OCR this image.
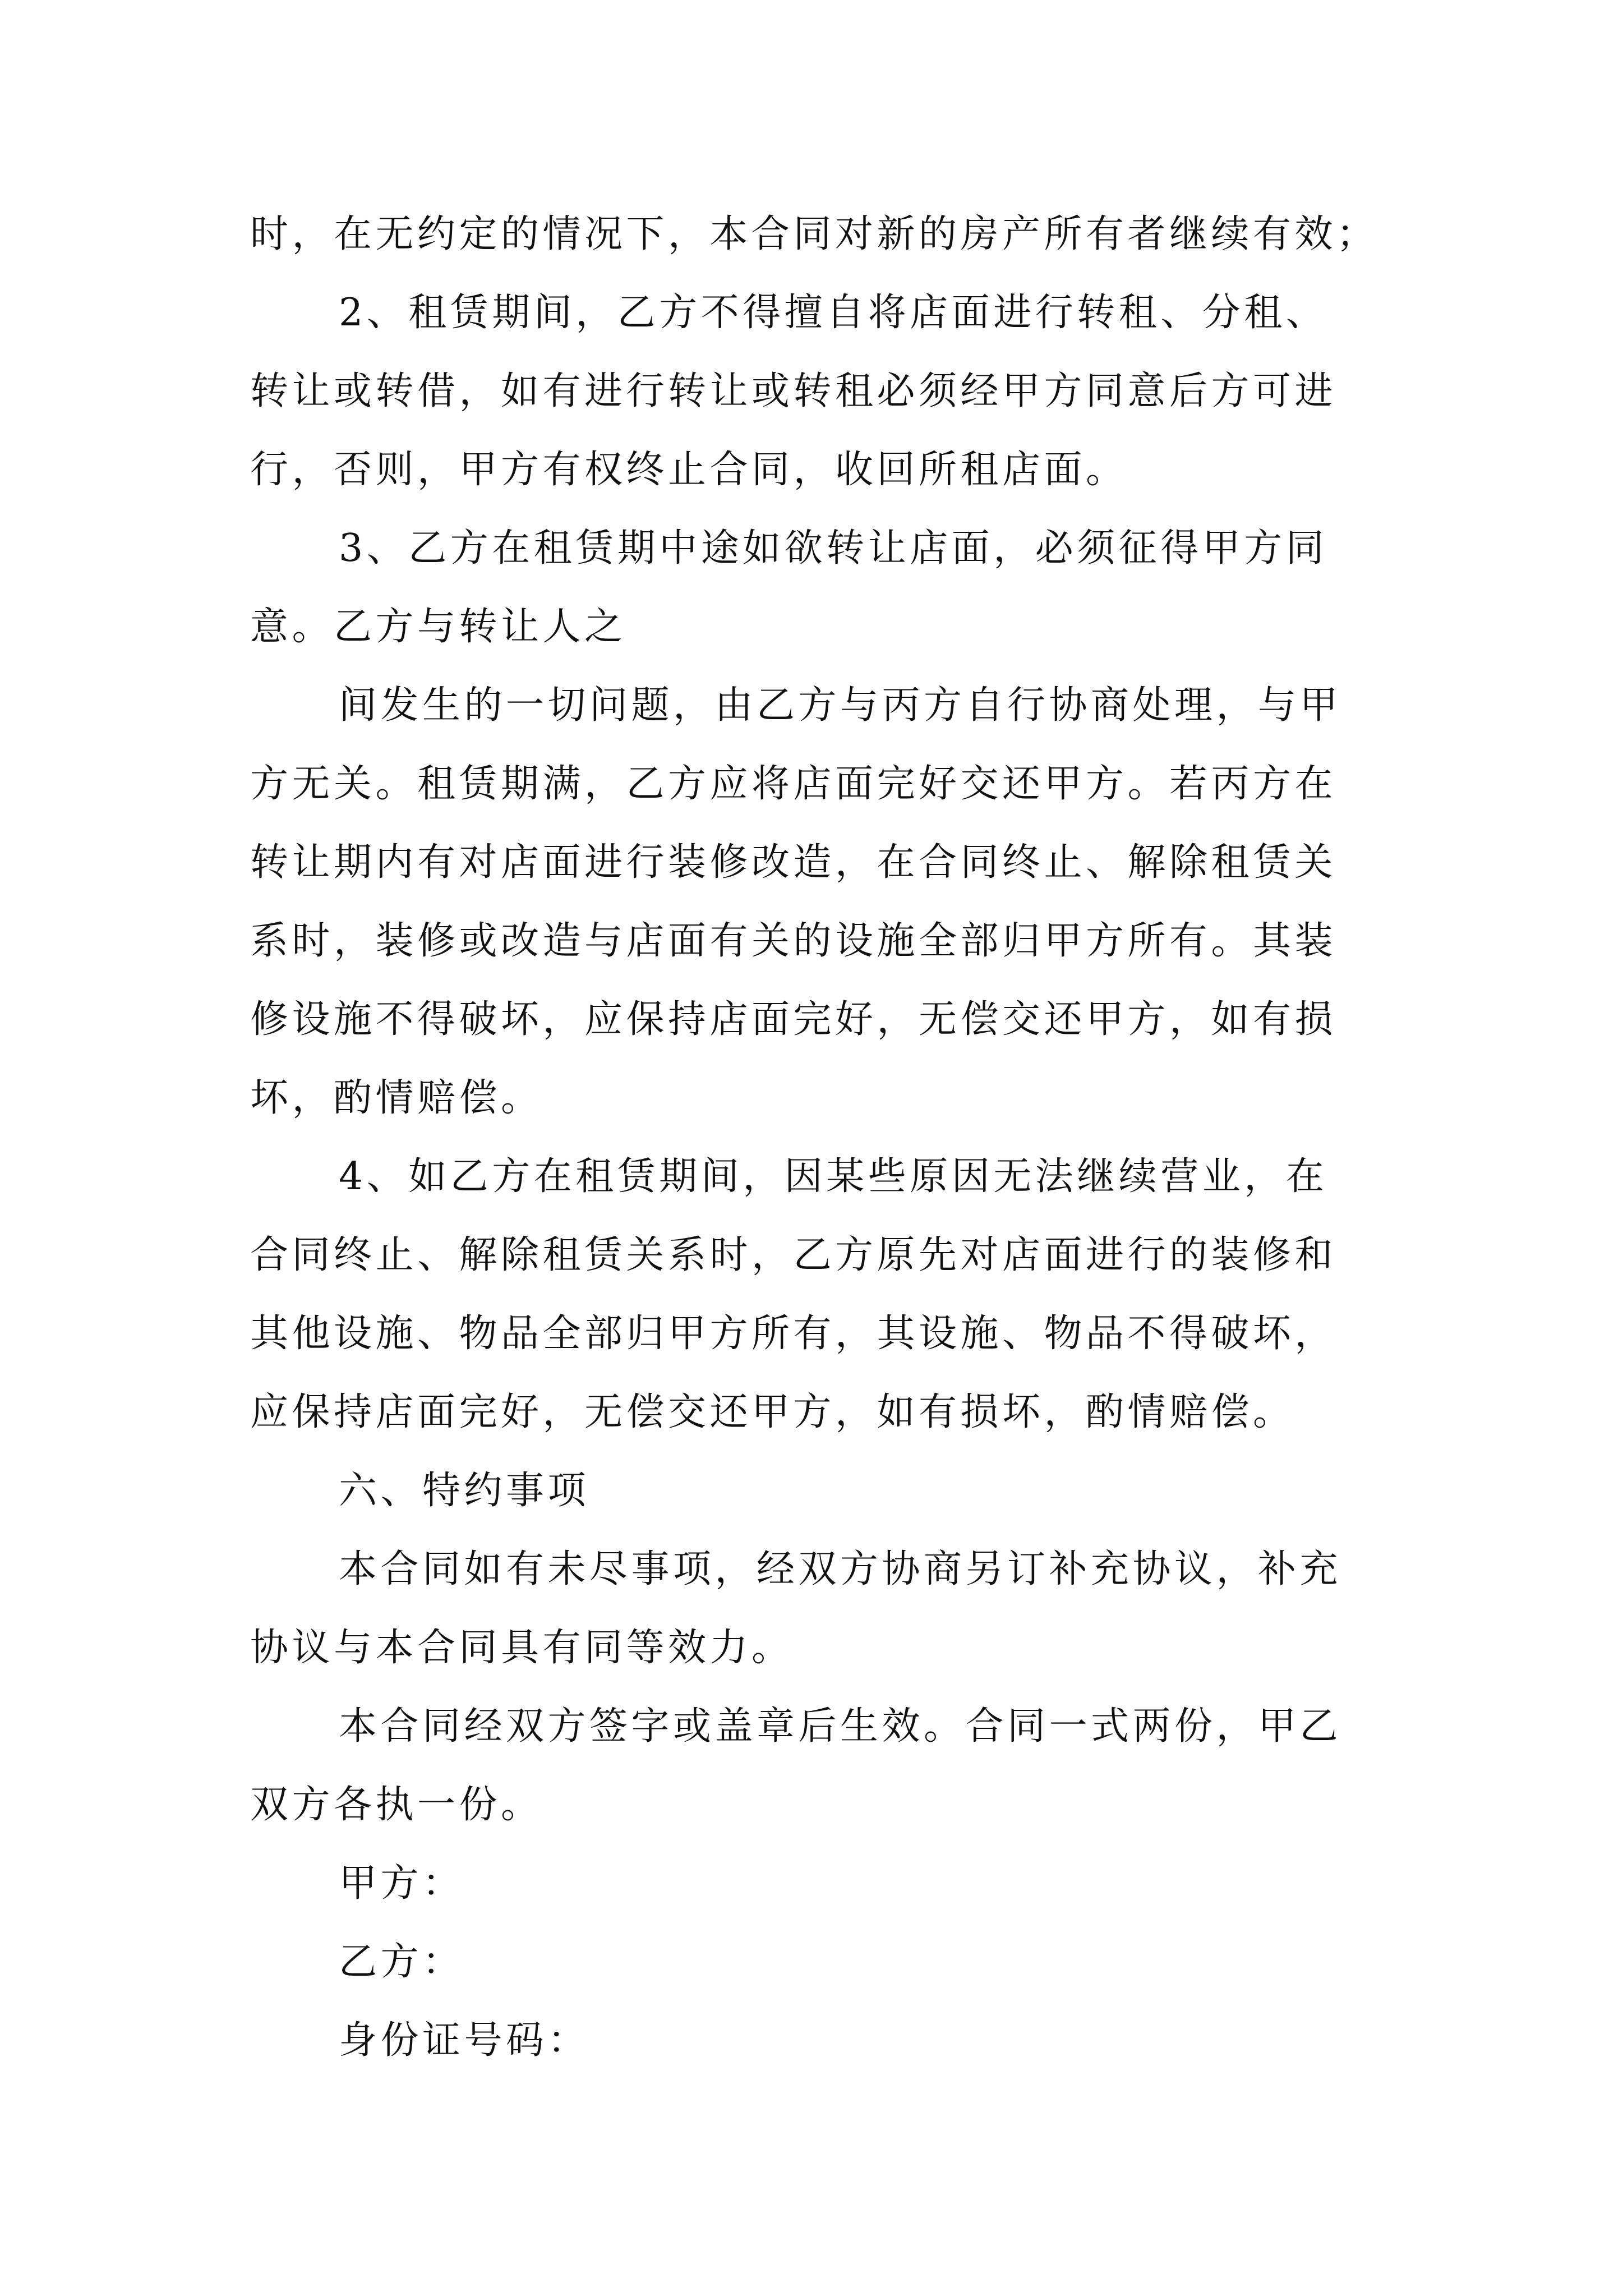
时，在无约定的情况下，本合同对新的房产所有者继续有效；
2、租赁期间，乙方不得擅自将店面进行转租、分租、
转让或转借，如有进行转让或转租必须经甲方同意后方可进
行，否则，甲方有权终止合同，收回所租店面。
3、乙方在租赁期中途如欲转让店面，必须征得甲方同
意。乙方与转让人之
间发生的一切问题，由乙方与丙方自行协商处理，与甲
方无关。租赁期满，乙方应将店面完好交还甲方。若丙方在
转让期内有对店面进行装修改造，在合同终止、解除租赁关
系时，装修或改造与店面有关的设施全部归甲方所有。其装
修设施不得破坏，应保持店面完好，无偿交还甲方，如有损
坏，酌情赔偿。
4、如乙方在租赁期间，因某些原因无法继续营业，在
合同终止、解除租赁关系时，乙方原先对店面进行的装修和
其他设施、物品全部归甲方所有，其设施、物品不得破坏，
应保持店面完好，无偿交还甲方，如有损坏，酌情赔偿。
六、特约事项
本合同如有未尽事项，经双方协商另订补充协议，补充
协议与本合同具有同等效力。
本合同经双方签字或盖章后生效。合同一式两份，甲乙
双方各执一份。
甲方：
乙方：
身份证号码：
